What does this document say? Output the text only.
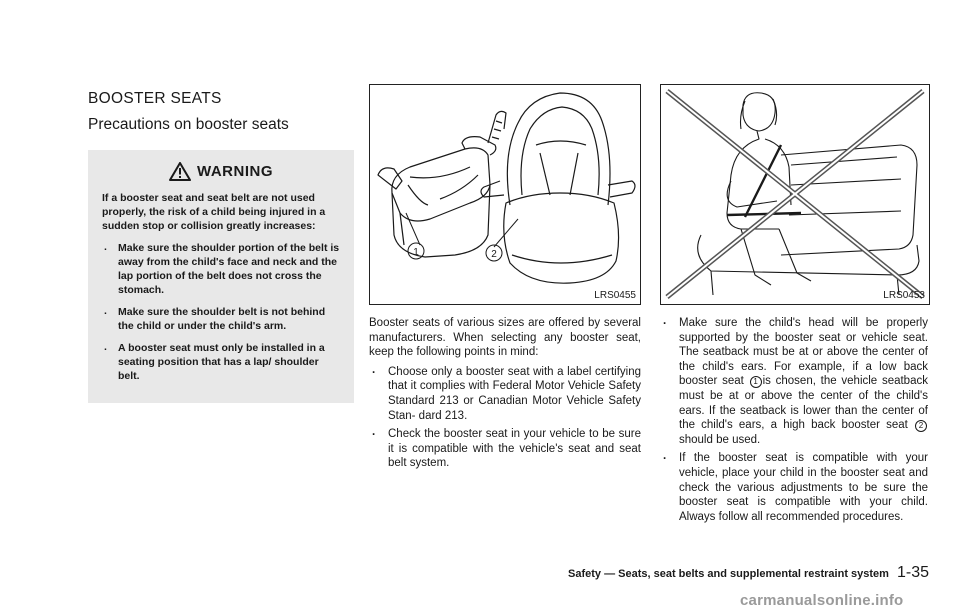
BOOSTER SEATS
Precautions on booster seats
WARNING

If a booster seat and seat belt are not used properly, the risk of a child being injured in a sudden stop or collision greatly increases:

. Make sure the shoulder portion of the belt is away from the child's face and neck and the lap portion of the belt does not cross the stomach.
. Make sure the shoulder belt is not behind the child or under the child's arm.
. A booster seat must only be installed in a seating position that has a lap/ shoulder belt.
1	2
LRS0455	LRS0453

Booster seats of various sizes are offered by several manufacturers. When selecting any booster seat, keep the following points in mind:

. Choose only a booster seat with a label certifying that it complies with Federal Motor Vehicle Safety Standard 213 or Canadian Motor Vehicle Safety Stan- dard 213.
. Check the booster seat in your vehicle to be sure it is compatible with the vehicle's seat and seat belt system.
. Make sure the child's head will be properly supported by the booster seat or vehicle seat. The seatback must be at or above the center of the child's ears. For example, if a low back booster seat 1 is chosen, the vehicle seatback must be at or above the center of the child's ears. If the seatback is lower than the center of the child's ears, a high back booster seat 2 should be used.
. If the booster seat is compatible with your vehicle, place your child in the booster seat and check the various adjustments to be sure the booster seat is compatible with your child. Always follow all recommended procedures.
Safety — Seats, seat belts and supplemental restraint system 1-35
carmanualsonline.info
